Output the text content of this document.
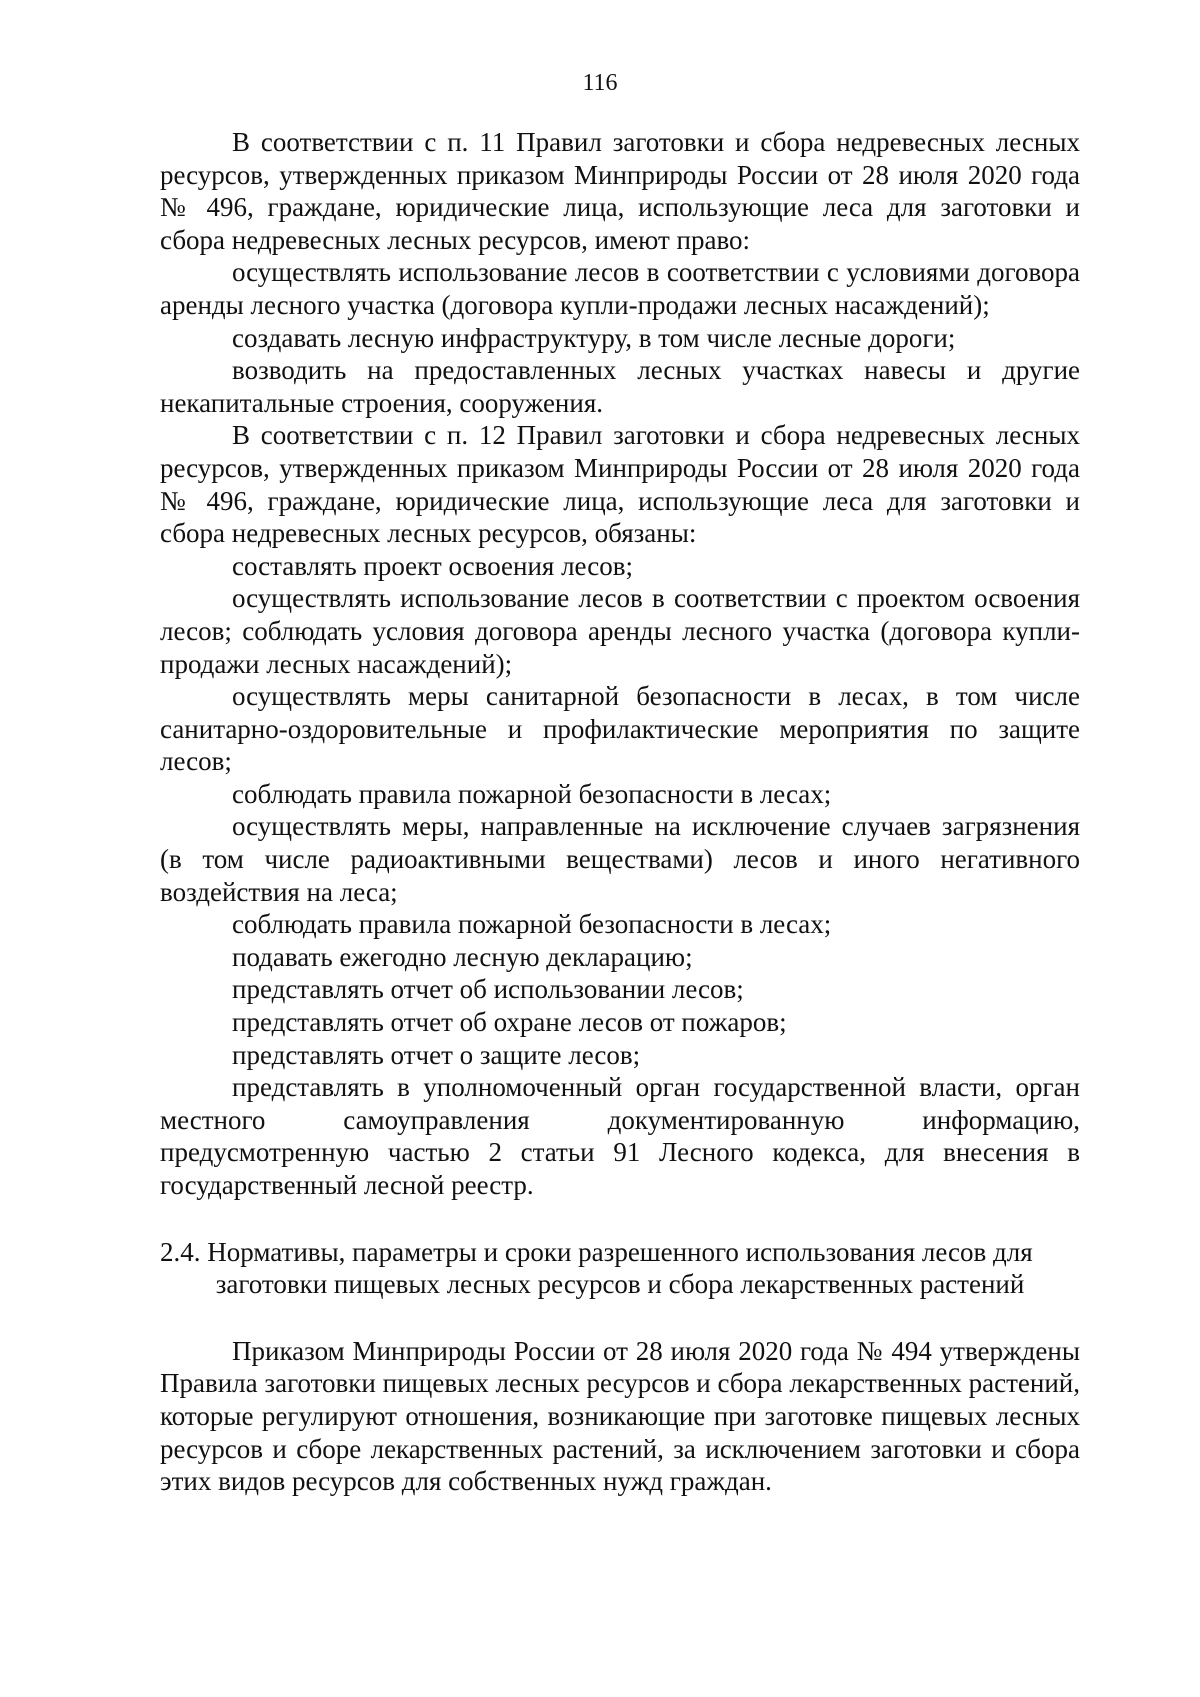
116

В соответствии с п. 11 Правил заготовки и сбора недревесных лесных ресурсов, утвержденных приказом Минприроды России от 28 июля 2020 года № 496, граждане, юридические лица, использующие леса для заготовки и сбора недревесных лесных ресурсов, имеют право:

осуществлять использование лесов в соответствии с условиями договора аренды лесного участка (договора купли-продажи лесных насаждений);

создавать лесную инфраструктуру, в том числе лесные дороги;

возводить на предоставленных лесных участках навесы и другие некапитальные строения, сооружения.

В соответствии с п. 12 Правил заготовки и сбора недревесных лесных ресурсов, утвержденных приказом Минприроды России от 28 июля 2020 года № 496, граждане, юридические лица, использующие леса для заготовки и сбора недревесных лесных ресурсов, обязаны:

составлять проект освоения лесов;

осуществлять использование лесов в соответствии с проектом освоения лесов; соблюдать условия договора аренды лесного участка (договора купли-продажи лесных насаждений);

осуществлять меры санитарной безопасности в лесах, в том числе санитарно-оздоровительные и профилактические мероприятия по защите лесов;

соблюдать правила пожарной безопасности в лесах;

осуществлять меры, направленные на исключение случаев загрязнения (в том числе радиоактивными веществами) лесов и иного негативного воздействия на леса;

соблюдать правила пожарной безопасности в лесах;

подавать ежегодно лесную декларацию;

представлять отчет об использовании лесов;

представлять отчет об охране лесов от пожаров;

представлять отчет о защите лесов;

представлять в уполномоченный орган государственной власти, орган местного самоуправления документированную информацию, предусмотренную частью 2 статьи 91 Лесного кодекса, для внесения в государственный лесной реестр.

2.4. Нормативы, параметры и сроки разрешенного использования лесов для
заготовки пищевых лесных ресурсов и сбора лекарственных растений

Приказом Минприроды России от 28 июля 2020 года № 494 утверждены Правила заготовки пищевых лесных ресурсов и сбора лекарственных растений, которые регулируют отношения, возникающие при заготовке пищевых лесных ресурсов и сборе лекарственных растений, за исключением заготовки и сбора этих видов ресурсов для собственных нужд граждан.
